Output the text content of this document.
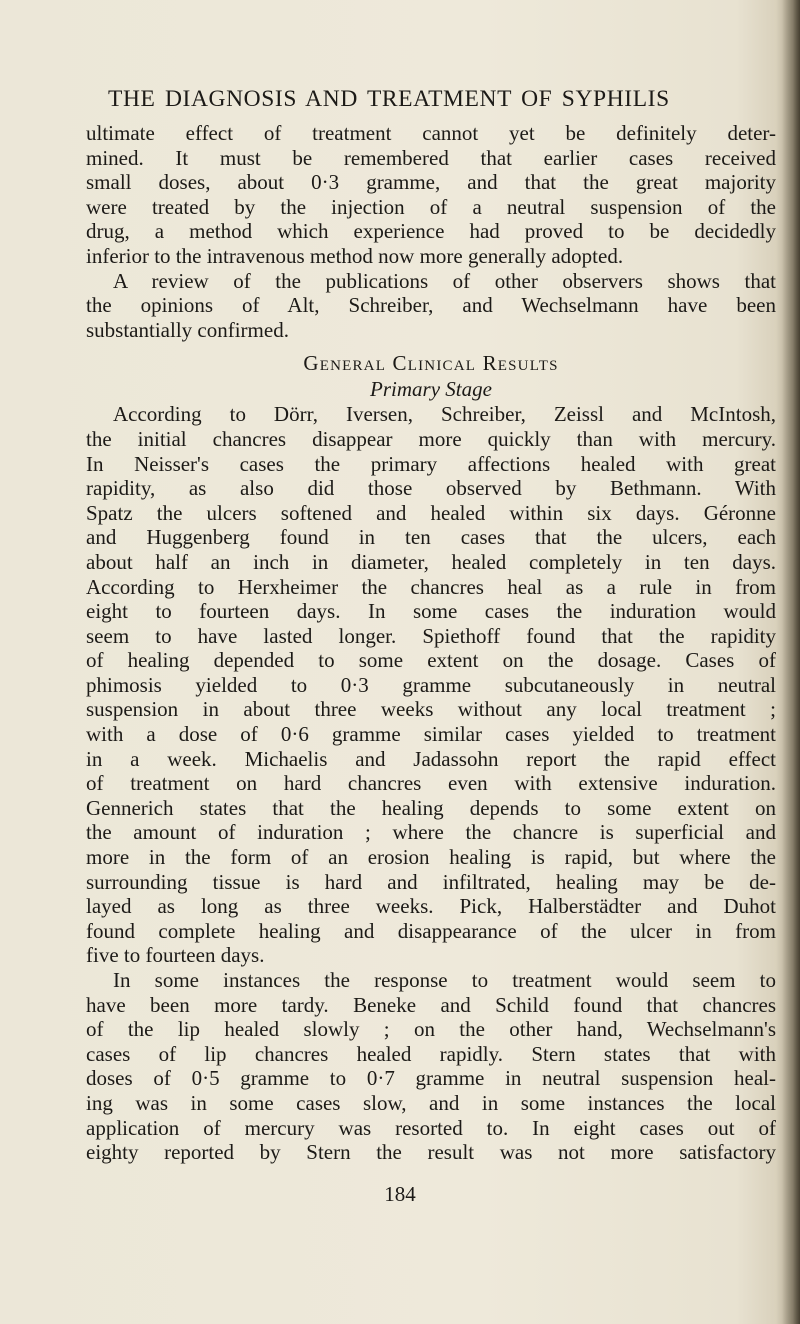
THE DIAGNOSIS AND TREATMENT OF SYPHILIS
ultimate effect of treatment cannot yet be definitely deter-
mined. It must be remembered that earlier cases received
small doses, about 0·3 gramme, and that the great majority
were treated by the injection of a neutral suspension of the
drug, a method which experience had proved to be decidedly
inferior to the intravenous method now more generally adopted.
A review of the publications of other observers shows that
the opinions of Alt, Schreiber, and Wechselmann have been
substantially confirmed.
General Clinical Results
Primary Stage
According to Dörr, Iversen, Schreiber, Zeissl and McIntosh,
the initial chancres disappear more quickly than with mercury.
In Neisser's cases the primary affections healed with great
rapidity, as also did those observed by Bethmann. With
Spatz the ulcers softened and healed within six days. Géronne
and Huggenberg found in ten cases that the ulcers, each
about half an inch in diameter, healed completely in ten days.
According to Herxheimer the chancres heal as a rule in from
eight to fourteen days. In some cases the induration would
seem to have lasted longer. Spiethoff found that the rapidity
of healing depended to some extent on the dosage. Cases of
phimosis yielded to 0·3 gramme subcutaneously in neutral
suspension in about three weeks without any local treatment ;
with a dose of 0·6 gramme similar cases yielded to treatment
in a week. Michaelis and Jadassohn report the rapid effect
of treatment on hard chancres even with extensive induration.
Gennerich states that the healing depends to some extent on
the amount of induration ; where the chancre is superficial and
more in the form of an erosion healing is rapid, but where the
surrounding tissue is hard and infiltrated, healing may be de-
layed as long as three weeks. Pick, Halberstädter and Duhot
found complete healing and disappearance of the ulcer in from
five to fourteen days.
In some instances the response to treatment would seem to
have been more tardy. Beneke and Schild found that chancres
of the lip healed slowly ; on the other hand, Wechselmann's
cases of lip chancres healed rapidly. Stern states that with
doses of 0·5 gramme to 0·7 gramme in neutral suspension heal-
ing was in some cases slow, and in some instances the local
application of mercury was resorted to. In eight cases out of
eighty reported by Stern the result was not more satisfactory
184
